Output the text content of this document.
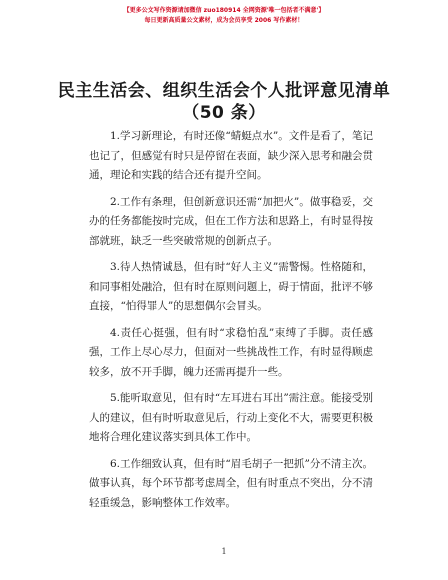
【更多公文写作资源请加微信 zuo180914 全网资源'唯一包括者不满意'】
每日更新高质量公文素材，成为会员享受 2006 写作素材！
民主生活会、组织生活会个人批评意见清单
（50 条）

1.学习新理论，有时还像“蜻蜓点水”。文件是看了，笔记也记了，但感觉有时只是停留在表面，缺少深入思考和融会贯通，理论和实践的结合还有提升空间。

2.工作有条理，但创新意识还需“加把火”。做事稳妥，交办的任务都能按时完成，但在工作方法和思路上，有时显得按部就班，缺乏一些突破常规的创新点子。

3.待人热情诚恳，但有时“好人主义”需警惕。性格随和，和同事相处融洽，但有时在原则问题上，碍于情面，批评不够直接，“怕得罪人”的思想偶尔会冒头。

4.责任心挺强，但有时“求稳怕乱”束缚了手脚。责任感强，工作上尽心尽力，但面对一些挑战性工作，有时显得顾虑较多，放不开手脚，魄力还需再提升一些。

5.能听取意见，但有时“左耳进右耳出”需注意。能接受别人的建议，但有时听取意见后，行动上变化不大，需要更积极地将合理化建议落实到具体工作中。

6.工作细致认真，但有时“眉毛胡子一把抓”分不清主次。做事认真，每个环节都考虑周全，但有时重点不突出，分不清轻重缓急，影响整体工作效率。

1
